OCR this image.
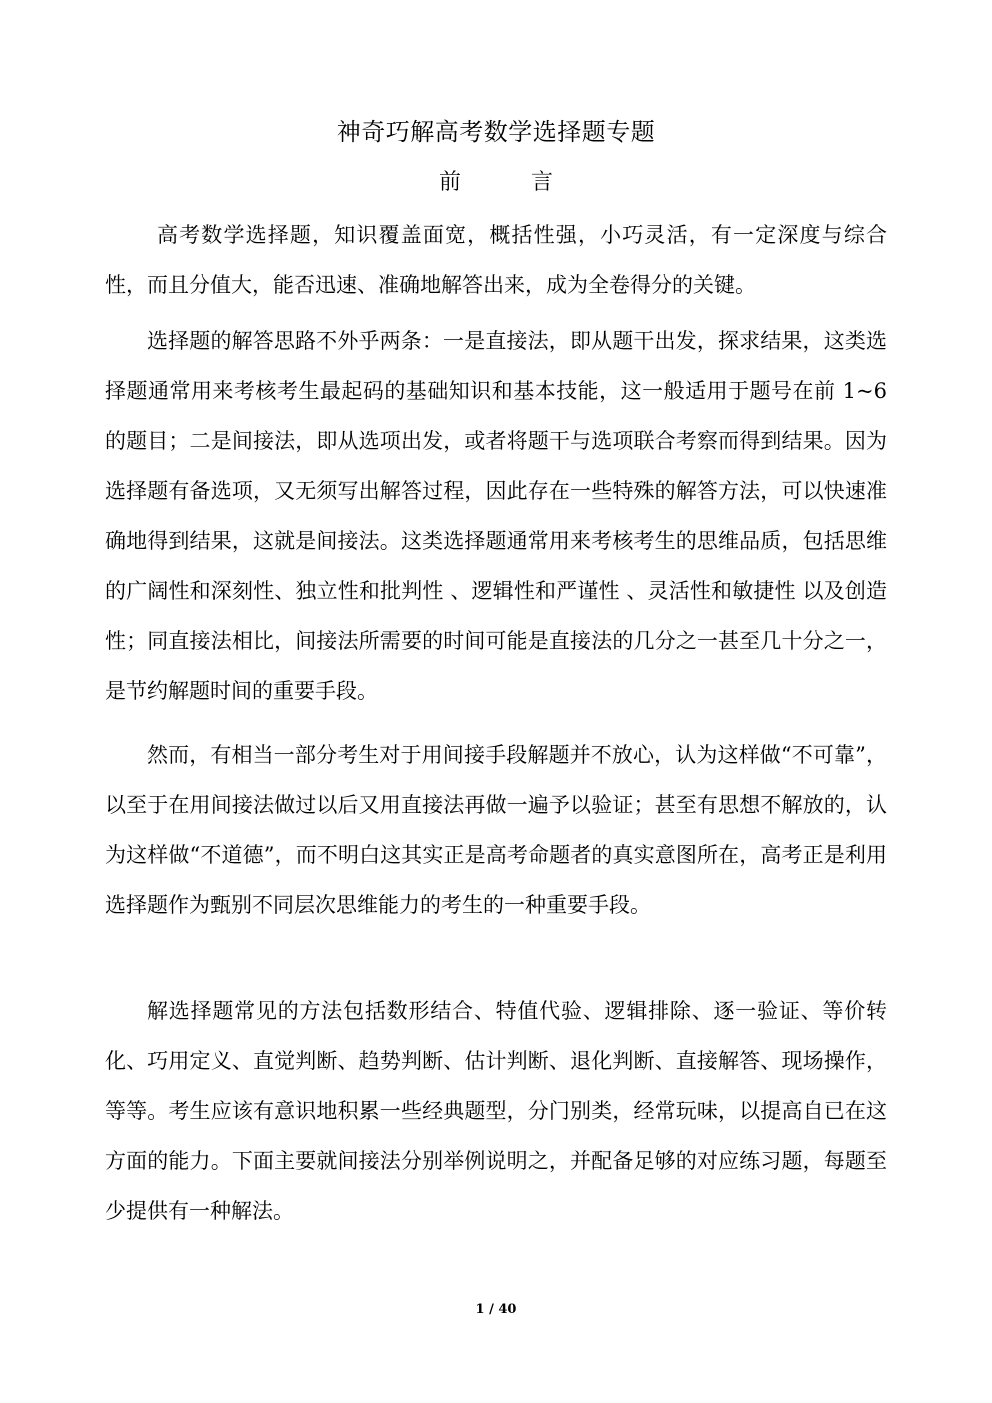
神奇巧解高考数学选择题专题
前	言

高考数学选择题，知识覆盖面宽，概括性强，小巧灵活，有一定深度与综合性，而且分值大，能否迅速、准确地解答出来，成为全卷得分的关键。

选择题的解答思路不外乎两条：一是直接法，即从题干出发，探求结果，这类选择题通常用来考核考生最起码的基础知识和基本技能，这一般适用于题号在前 1~6 的题目；二是间接法，即从选项出发，或者将题干与选项联合考察而得到结果。因为选择题有备选项，又无须写出解答过程，因此存在一些特殊的解答方法，可以快速准确地得到结果，这就是间接法。这类选择题通常用来考核考生的思维品质，包括思维的广阔性和深刻性、独立性和批判性 、逻辑性和严谨性 、灵活性和敏捷性 以及创造性；同直接法相比，间接法所需要的时间可能是直接法的几分之一甚至几十分之一，是节约解题时间的重要手段。

然而，有相当一部分考生对于用间接手段解题并不放心，认为这样做“不可靠”，以至于在用间接法做过以后又用直接法再做一遍予以验证；甚至有思想不解放的，认为这样做“不道德”，而不明白这其实正是高考命题者的真实意图所在，高考正是利用选择题作为甄别不同层次思维能力的考生的一种重要手段。

解选择题常见的方法包括数形结合、特值代验、逻辑排除、逐一验证、等价转化、巧用定义、直觉判断、趋势判断、估计判断、退化判断、直接解答、现场操作，等等。考生应该有意识地积累一些经典题型，分门别类，经常玩味，以提高自已在这方面的能力。下面主要就间接法分别举例说明之，并配备足够的对应练习题，每题至少提供有一种解法。

1 / 40
